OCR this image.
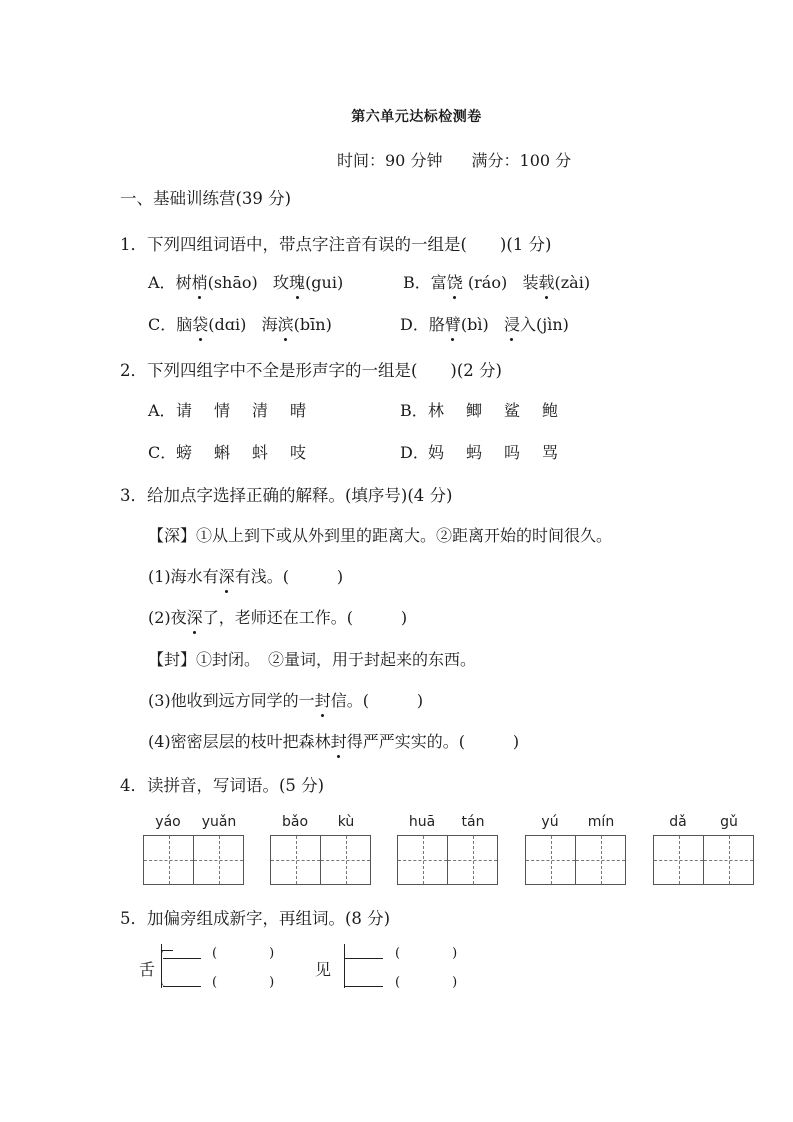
第六单元达标检测卷
时间：90 分钟 满分：100 分
一、基础训练营(39 分)
1．下列四组词语中，带点字注音有误的一组是(　　)(1 分)
A．树梢(shāo) 玫瑰(gui)	B．富饶 (ráo) 装载(zài)
C．脑袋(dɑi) 海滨(bīn)	D．胳臂(bì) 浸入(jìn)
2．下列四组字中不全是形声字的一组是(　　)(2 分)
A．请 情 清 晴	B．林 鲫 鲨 鲍
C．螃 蝌 蚪 吱	D．妈 蚂 吗 骂
3．给加点字选择正确的解释。(填序号)(4 分)
【深】①从上到下或从外到里的距离大。②距离开始的时间很久。
(1)海水有深有浅。(　　　)
(2)夜深了，老师还在工作。(　　　)
【封】①封闭。　②量词，用于封起来的东西。
(3)他收到远方同学的一封信。(　　　)
(4)密密层层的枝叶把森林封得严严实实的。(　　　)
4．读拼音，写词语。(5 分)
yáo	yuǎn	bǎo	kù	huā	tán	yú	mín	dǎ	gǔ
5．加偏旁组成新字，再组词。(8 分)
舌
(　　　　)
(　　　　)
见
(　　　　)
(　　　　)
